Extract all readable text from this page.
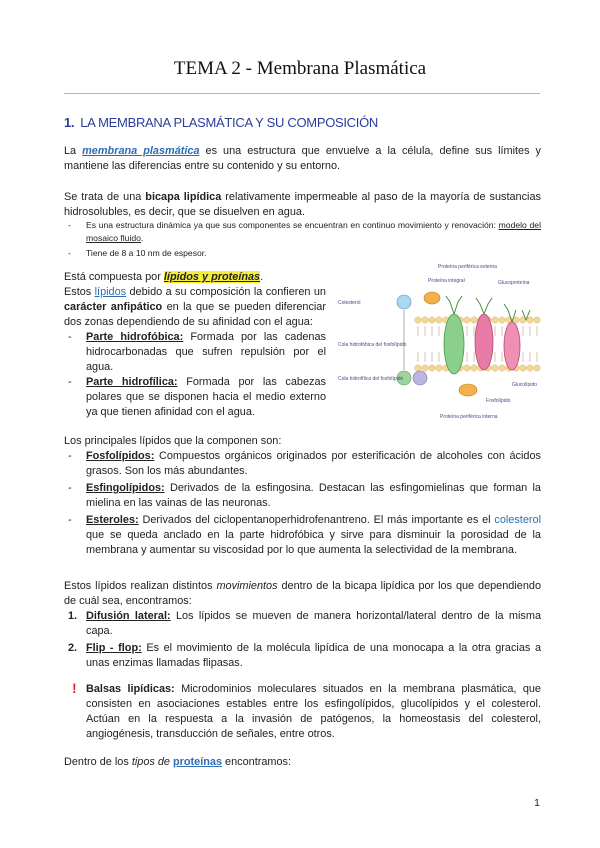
TEMA 2 - Membrana Plasmática
1. LA MEMBRANA PLASMÁTICA Y SU COMPOSICIÓN
La membrana plasmática es una estructura que envuelve a la célula, define sus límites y mantiene las diferencias entre su contenido y su entorno.
Se trata de una bicapa lipídica relativamente impermeable al paso de la mayoría de sustancias hidrosolubles, es decir, que se disuelven en agua.
- Es una estructura dinámica ya que sus componentes se encuentran en continuo movimiento y renovación: modelo del mosaico fluido.
- Tiene de 8 a 10 nm de espesor.
Está compuesta por lípidos y proteínas.
Estos lípidos debido a su composición la confieren un carácter anfipático en la que se pueden diferenciar dos zonas dependiendo de su afinidad con el agua:
- Parte hidrofóbica: Formada por las cadenas hidrocarbonadas que sufren repulsión por el agua.
- Parte hidrofílica: Formada por las cabezas polares que se disponen hacia el medio externo ya que tienen afinidad con el agua.
Proteína periférica externa
Proteína integral	Glucoproteína
Colesterol
Cola hidrofóbica del fosfolípido
Cola hidrofílica del fosfolípido
Glucolípido
Fosfolípido
Proteína periférica interna
Los principales lípidos que la componen son:
- Fosfolípidos: Compuestos orgánicos originados por esterificación de alcoholes con ácidos grasos. Son los más abundantes.
- Esfingolípidos: Derivados de la esfingosina. Destacan las esfingomielinas que forman la mielina en las vainas de las neuronas.
- Esteroles: Derivados del ciclopentanoperhidrofenantreno. El más importante es el colesterol que se queda anclado en la parte hidrofóbica y sirve para disminuir la porosidad de la membrana y aumentar su viscosidad por lo que aumenta la selectividad de la membrana.
Estos lípidos realizan distintos movimientos dentro de la bicapa lipídica por los que dependiendo de cuál sea, encontramos:
1. Difusión lateral: Los lípidos se mueven de manera horizontal/lateral dentro de la misma capa.
2. Flip - flop: Es el movimiento de la molécula lipídica de una monocapa a la otra gracias a unas enzimas llamadas flipasas.
! Balsas lipídicas: Microdominios moleculares situados en la membrana plasmática, que consisten en asociaciones estables entre los esfingolípidos, glucolípidos y el colesterol. Actúan en la respuesta a la invasión de patógenos, la homeostasis del colesterol, angiogénesis, transducción de señales, entre otros.
Dentro de los tipos de proteínas encontramos:
1
